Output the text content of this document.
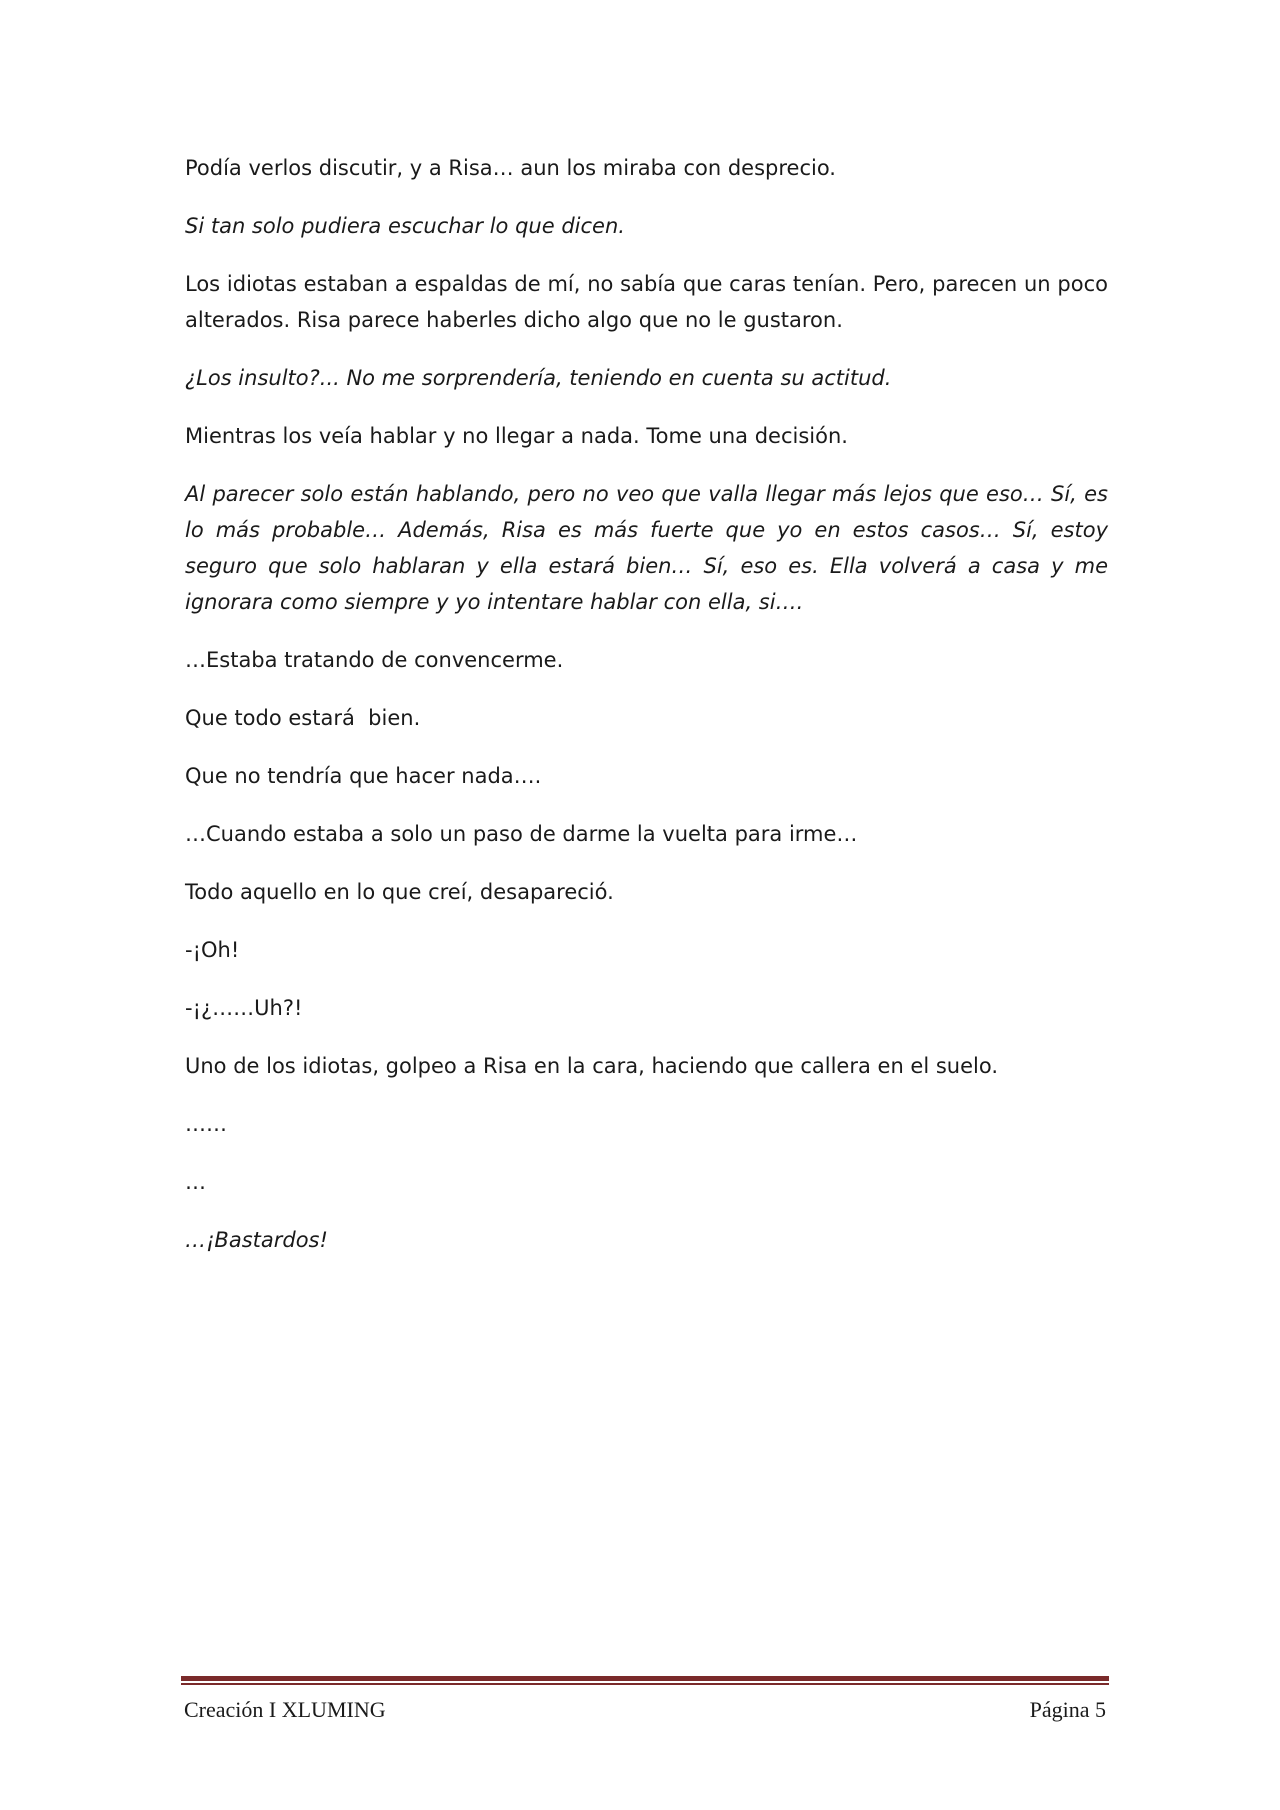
Podía verlos discutir, y a Risa… aun los miraba con desprecio.

Si tan solo pudiera escuchar lo que dicen.

Los idiotas estaban a espaldas de mí, no sabía que caras tenían. Pero, parecen un poco alterados. Risa parece haberles dicho algo que no le gustaron.

¿Los insulto?... No me sorprendería, teniendo en cuenta su actitud.

Mientras los veía hablar y no llegar a nada. Tome una decisión.

Al parecer solo están hablando, pero no veo que valla llegar más lejos que eso… Sí, es lo más probable… Además, Risa es más fuerte que yo en estos casos… Sí, estoy seguro que solo hablaran y ella estará bien… Sí, eso es. Ella volverá a casa y me ignorara como siempre y yo intentare hablar con ella, si….

…Estaba tratando de convencerme.

Que todo estará  bien.

Que no tendría que hacer nada….

…Cuando estaba a solo un paso de darme la vuelta para irme…

Todo aquello en lo que creí, desapareció.

-¡Oh!

-¡¿……Uh?!

Uno de los idiotas, golpeo a Risa en la cara, haciendo que callera en el suelo.

……

…

…¡Bastardos!

Creación I XLUMING	Página 5
